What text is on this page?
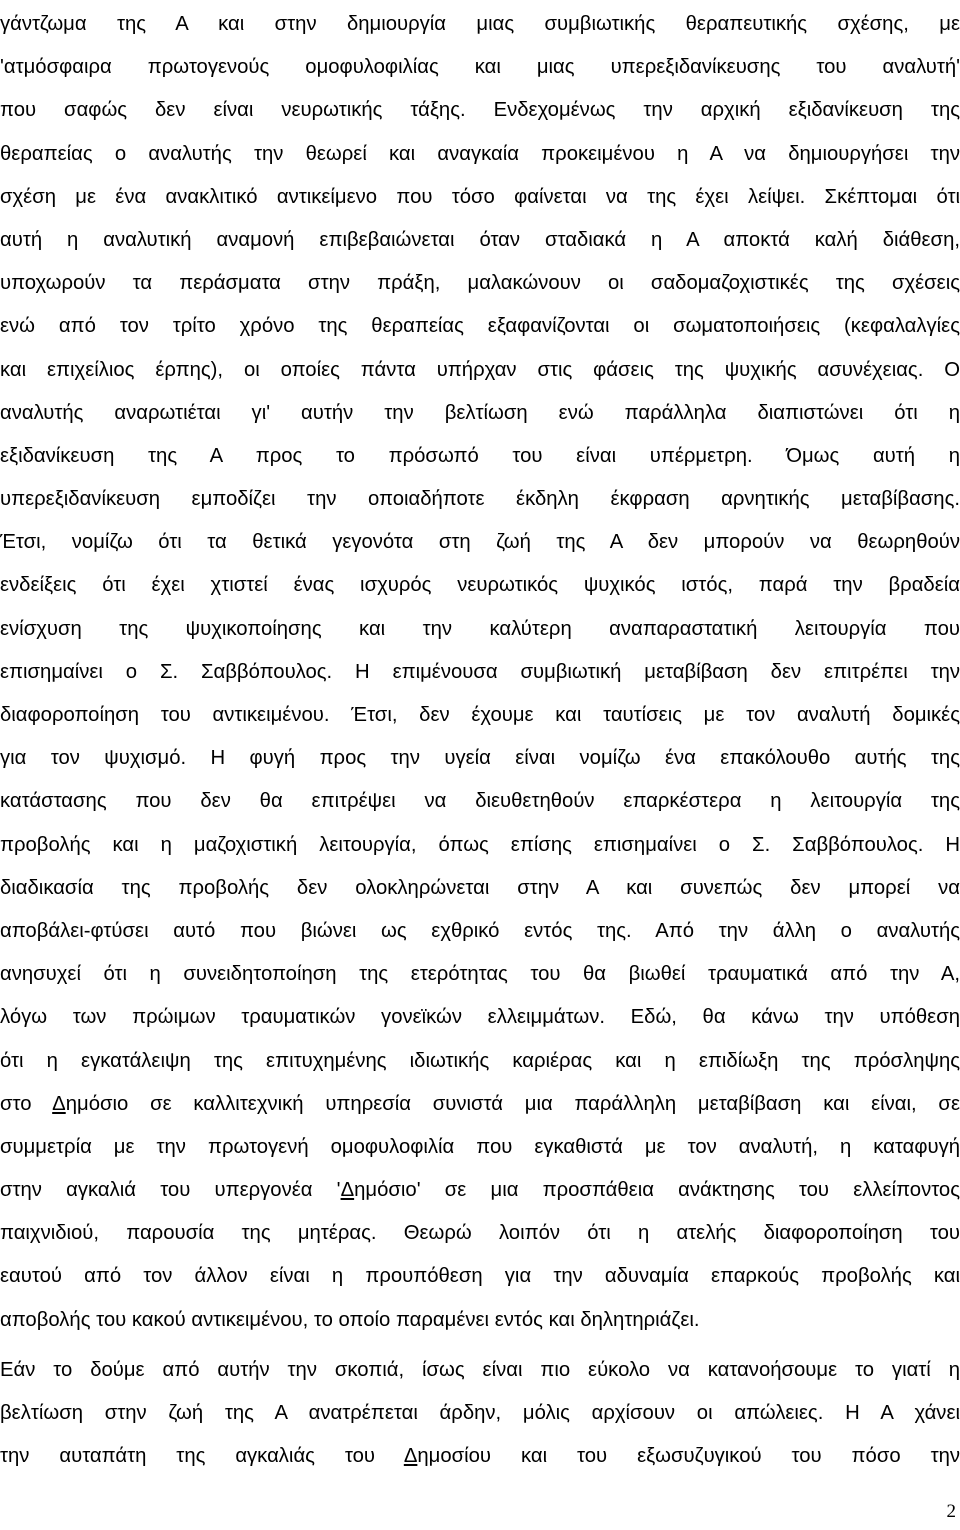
γάντζωμα της Α και στην δημιουργία μιας συμβιωτικής θεραπευτικής σχέσης, με
'ατμόσφαιρα πρωτογενούς ομοφυλοφιλίας και μιας υπερεξιδανίκευσης του αναλυτή'
που σαφώς δεν είναι νευρωτικής τάξης. Ενδεχομένως την αρχική εξιδανίκευση της
θεραπείας ο αναλυτής την θεωρεί και αναγκαία προκειμένου η Α να δημιουργήσει την
σχέση με ένα ανακλιτικό αντικείμενο που τόσο φαίνεται να της έχει λείψει. Σκέπτομαι ότι
αυτή η αναλυτική αναμονή επιβεβαιώνεται όταν σταδιακά η Α αποκτά καλή διάθεση,
υποχωρούν τα περάσματα στην πράξη, μαλακώνουν οι σαδομαζοχιστικές της σχέσεις
ενώ από τον τρίτο χρόνο της θεραπείας εξαφανίζονται οι σωματοποιήσεις (κεφαλαλγίες
και επιχείλιος έρπης), οι οποίες πάντα υπήρχαν στις φάσεις της ψυχικής ασυνέχειας. Ο
αναλυτής αναρωτιέται γι' αυτήν την βελτίωση ενώ παράλληλα διαπιστώνει ότι η
εξιδανίκευση της Α προς το πρόσωπό του είναι υπέρμετρη. Όμως αυτή η
υπερεξιδανίκευση εμποδίζει την οποιαδήποτε έκδηλη έκφραση αρνητικής μεταβίβασης.
Έτσι, νομίζω ότι τα θετικά γεγονότα στη ζωή της Α δεν μπορούν να θεωρηθούν
ενδείξεις ότι έχει χτιστεί ένας ισχυρός νευρωτικός ψυχικός ιστός, παρά την βραδεία
ενίσχυση της ψυχικοποίησης και την καλύτερη αναπαραστατική λειτουργία που
επισημαίνει ο Σ. Σαββόπουλος. Η επιμένουσα συμβιωτική μεταβίβαση δεν επιτρέπει την
διαφοροποίηση του αντικειμένου. Έτσι, δεν έχουμε και ταυτίσεις με τον αναλυτή δομικές
για τον ψυχισμό. Η φυγή προς την υγεία είναι νομίζω ένα επακόλουθο αυτής της
κατάστασης που δεν θα επιτρέψει να διευθετηθούν επαρκέστερα η λειτουργία της
προβολής και η μαζοχιστική λειτουργία, όπως επίσης επισημαίνει ο Σ. Σαββόπουλος. Η
διαδικασία της προβολής δεν ολοκληρώνεται στην Α και συνεπώς δεν μπορεί να
αποβάλει-φτύσει αυτό που βιώνει ως εχθρικό εντός της. Από την άλλη ο αναλυτής
ανησυχεί ότι η συνειδητοποίηση της ετερότητας του θα βιωθεί τραυματικά από την Α,
λόγω των πρώιμων τραυματικών γονεϊκών ελλειμμάτων. Εδώ, θα κάνω την υπόθεση
ότι η εγκατάλειψη της επιτυχημένης ιδιωτικής καριέρας και η επιδίωξη της πρόσληψης
στο Δημόσιο σε καλλιτεχνική υπηρεσία συνιστά μια παράλληλη μεταβίβαση και είναι, σε
συμμετρία με την πρωτογενή ομοφυλοφιλία που εγκαθιστά με τον αναλυτή, η καταφυγή
στην αγκαλιά του υπεργονέα 'Δημόσιο' σε μια προσπάθεια ανάκτησης του ελλείποντος
παιχνιδιού, παρουσία της μητέρας. Θεωρώ λοιπόν ότι η ατελής διαφοροποίηση του
εαυτού από τον άλλον είναι η προυπόθεση για την αδυναμία επαρκούς προβολής και
αποβολής του κακού αντικειμένου, το οποίο παραμένει εντός και δηλητηριάζει.
Εάν το δούμε από αυτήν την σκοπιά, ίσως είναι πιο εύκολο να κατανοήσουμε το γιατί η
βελτίωση στην ζωή της Α ανατρέπεται άρδην, μόλις αρχίσουν οι απώλειες. Η Α χάνει
την αυταπάτη της αγκαλιάς του Δημοσίου και του εξωσυζυγικού του πόσο την
2
